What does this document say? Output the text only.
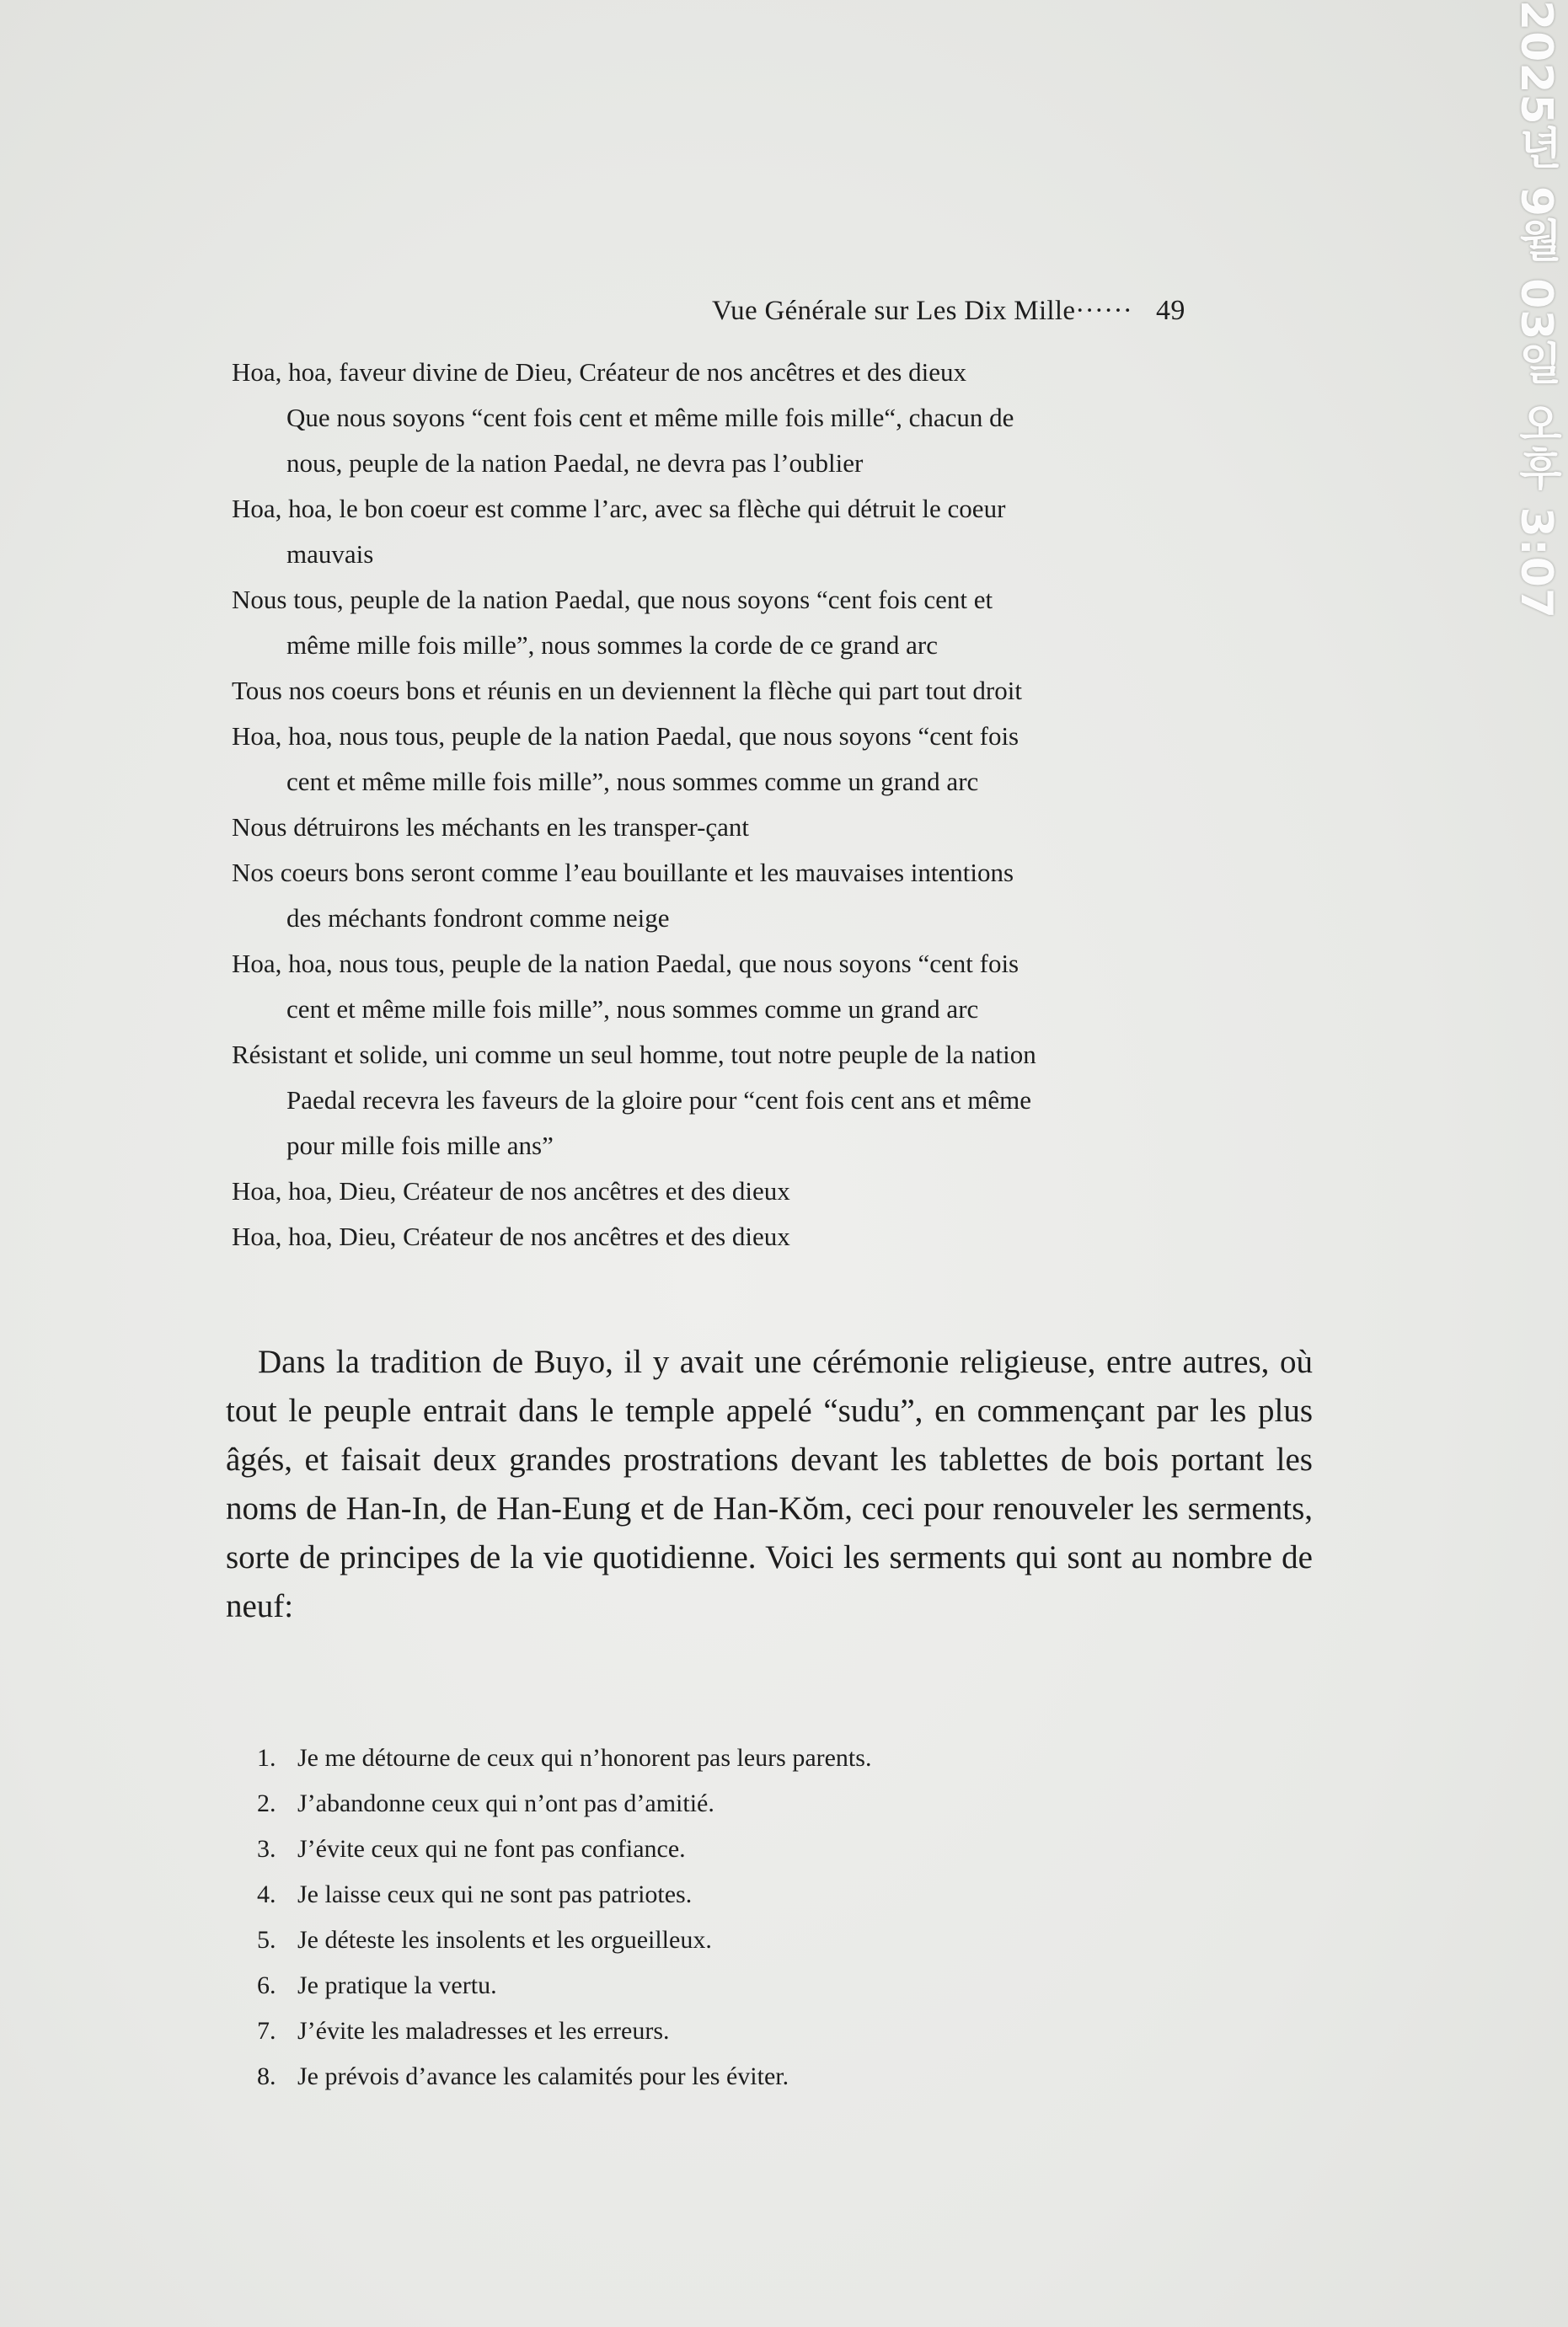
Vue Générale sur Les Dix Mille······ 49
Hoa, hoa, faveur divine de Dieu, Créateur de nos ancêtres et des dieux
Que nous soyons “cent fois cent et même mille fois mille“, chacun de
nous, peuple de la nation Paedal, ne devra pas l’oublier
Hoa, hoa, le bon coeur est comme l’arc, avec sa flèche qui détruit le coeur
mauvais
Nous tous, peuple de la nation Paedal, que nous soyons “cent fois cent et
même mille fois mille”, nous sommes la corde de ce grand arc
Tous nos coeurs bons et réunis en un deviennent la flèche qui part tout droit
Hoa, hoa, nous tous, peuple de la nation Paedal, que nous soyons “cent fois
cent et même mille fois mille”, nous sommes comme un grand arc
Nous détruirons les méchants en les transper-çant
Nos coeurs bons seront comme l’eau bouillante et les mauvaises intentions
des méchants fondront comme neige
Hoa, hoa, nous tous, peuple de la nation Paedal, que nous soyons “cent fois
cent et même mille fois mille”, nous sommes comme un grand arc
Résistant et solide, uni comme un seul homme, tout notre peuple de la nation
Paedal recevra les faveurs de la gloire pour “cent fois cent ans et même
pour mille fois mille ans”
Hoa, hoa, Dieu, Créateur de nos ancêtres et des dieux
Hoa, hoa, Dieu, Créateur de nos ancêtres et des dieux

Dans la tradition de Buyo, il y avait une cérémonie religieuse, entre autres, où tout le peuple entrait dans le temple appelé “sudu”, en commençant par les plus âgés, et faisait deux grandes prostrations devant les tablettes de bois portant les noms de Han-In, de Han-Eung et de Han-Kŏm, ceci pour renouveler les serments, sorte de principes de la vie quotidienne. Voici les serments qui sont au nombre de neuf:

1. Je me détourne de ceux qui n’honorent pas leurs parents.
2. J’abandonne ceux qui n’ont pas d’amitié.
3. J’évite ceux qui ne font pas confiance.
4. Je laisse ceux qui ne sont pas patriotes.
5. Je déteste les insolents et les orgueilleux.
6. Je pratique la vertu.
7. J’évite les maladresses et les erreurs.
8. Je prévois d’avance les calamités pour les éviter.
2025년 9월 03일 오후 3:07
